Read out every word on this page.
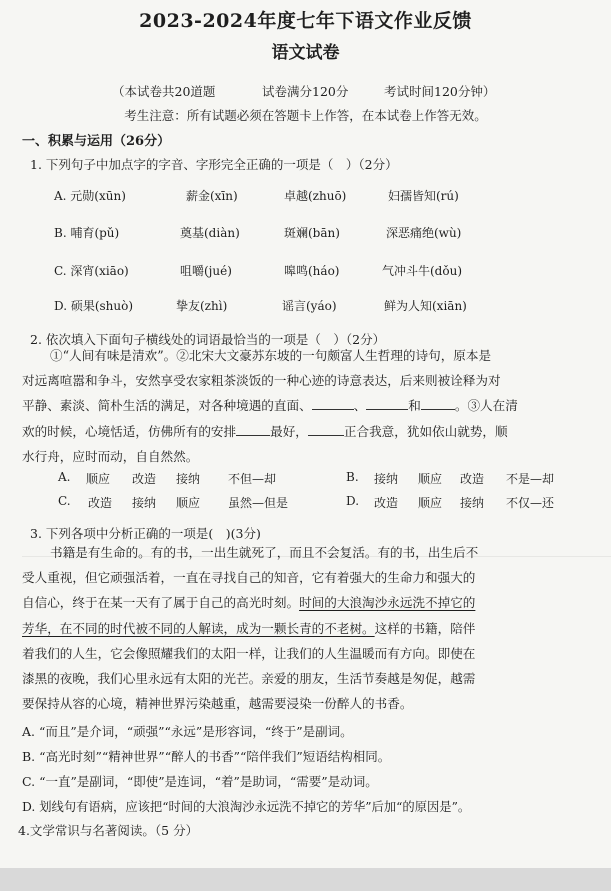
2023-2024年度七年下语文作业反馈
语文试卷
（本试卷共20道题	试卷满分120分	考试时间120分钟）
考生注意：所有试题必须在答题卡上作答，在本试卷上作答无效。
一、积累与运用（26分）
1. 下列句子中加点字的字音、字形完全正确的一项是（　）（2分）
A. 元勋(xūn)	薪金(xīn)	卓越(zhuō)	妇孺皆知(rú)
B. 哺育(pǔ)	奠基(diàn)	斑斓(bān)	深恶痛绝(wù)
C. 深宵(xiāo)	咀嚼(jué)	嗥鸣(háo)	气冲斗牛(dǒu)
D. 硕果(shuò)	挚友(zhì)	谣言(yáo)	鲜为人知(xiān)
2. 依次填入下面句子横线处的词语最恰当的一项是（　）（2分）
①“人间有味是清欢”。②北宋大文豪苏东坡的一句颇富人生哲理的诗句，原本是
对远离喧嚣和争斗，安然享受农家粗茶淡饭的一种心迹的诗意表达，后来则被诠释为对
平静、素淡、简朴生活的满足，对各种境遇的直面、	、	和	。③人在清
欢的时候，心境恬适，仿佛所有的安排	最好，	正合我意，犹如依山就势，顺
水行舟，应时而动，自自然然。
A. 顺应 改造 接纳 不但—却	B. 接纳 顺应 改造 不是—却
C. 改造 接纳 顺应 虽然—但是	D. 改造 顺应 接纳 不仅—还
3. 下列各项中分析正确的一项是(　)(3分)
书籍是有生命的。有的书，一出生就死了，而且不会复活。有的书，出生后不
受人重视，但它顽强活着，一直在寻找自己的知音，它有着强大的生命力和强大的
自信心，终于在某一天有了属于自己的高光时刻。时间的大浪淘沙永远洗不掉它的
芳华，在不同的时代被不同的人解读，成为一颗长青的不老树。这样的书籍，陪伴
着我们的人生，它会像照耀我们的太阳一样，让我们的人生温暖而有方向。即使在
漆黑的夜晚，我们心里永远有太阳的光芒。亲爱的朋友，生活节奏越是匆促，越需
要保持从容的心境，精神世界污染越重，越需要浸染一份醉人的书香。
A. “而且”是介词，“顽强”“永远”是形容词，“终于”是副词。
B. “高光时刻”“精神世界”“醉人的书香”“陪伴我们”短语结构相同。
C. “一直”是副词，“即使”是连词，“着”是助词，“需要”是动词。
D. 划线句有语病，应该把“时间的大浪淘沙永远洗不掉它的芳华”后加“的原因是”。
4.文学常识与名著阅读。（5 分）
